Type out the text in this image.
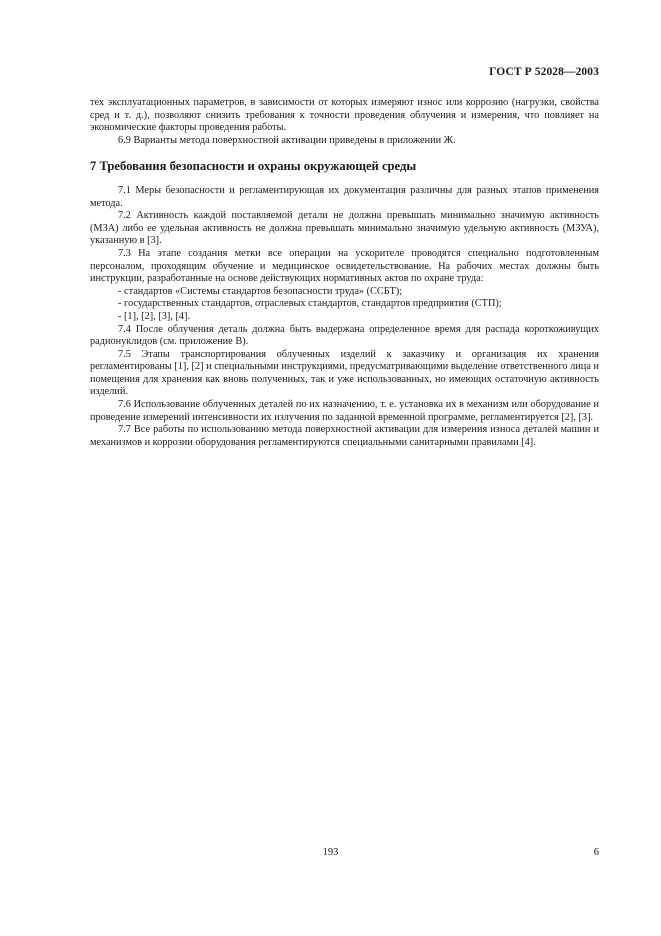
ГОСТ Р 52028—2003

тех эксплуатационных параметров, в зависимости от которых измеряют износ или коррозию (нагрузки, свойства сред и т. д.), позволяют снизить требования к точности проведения облучения и измерения, что повлияет на экономические факторы проведения работы.

6.9 Варианты метода поверхностной активации приведены в приложении Ж.

7 Требования безопасности и охраны окружающей среды

7.1 Меры безопасности и регламентирующая их документация различны для разных этапов применения метода.

7.2 Активность каждой поставляемой детали не должна превышать минимально значимую активность (МЗА) либо ее удельная активность не должна превышать минимально значимую удельную активность (МЗУА), указанную в [3].

7.3 На этапе создания метки все операции на ускорителе проводятся специально подготовленным персоналом, проходящим обучение и медицинское освидетельствование. На рабочих местах должны быть инструкции, разработанные на основе действующих нормативных актов по охране труда:

- стандартов «Системы стандартов безопасности труда» (ССБТ);

- государственных стандартов, отраслевых стандартов, стандартов предприятия (СТП);

- [1], [2], [3], [4].

7.4 После облучения деталь должна быть выдержана определенное время для распада короткоживущих радионуклидов (см. приложение В).

7.5 Этапы транспортирования облученных изделий к заказчику и организация их хранения регламентированы [1], [2] и специальными инструкциями, предусматривающими выделение ответственного лица и помещения для хранения как вновь полученных, так и уже использованных, но имеющих остаточную активность изделий.

7.6 Использование облученных деталей по их назначению, т. е. установка их в механизм или оборудование и проведение измерений интенсивности их излучения по заданной временной программе, регламентируется [2], [3].

7.7 Все работы по использованию метода поверхностной активации для измерения износа деталей машин и механизмов и коррозии оборудования регламентируются специальными санитарными правилами [4].

193	6
